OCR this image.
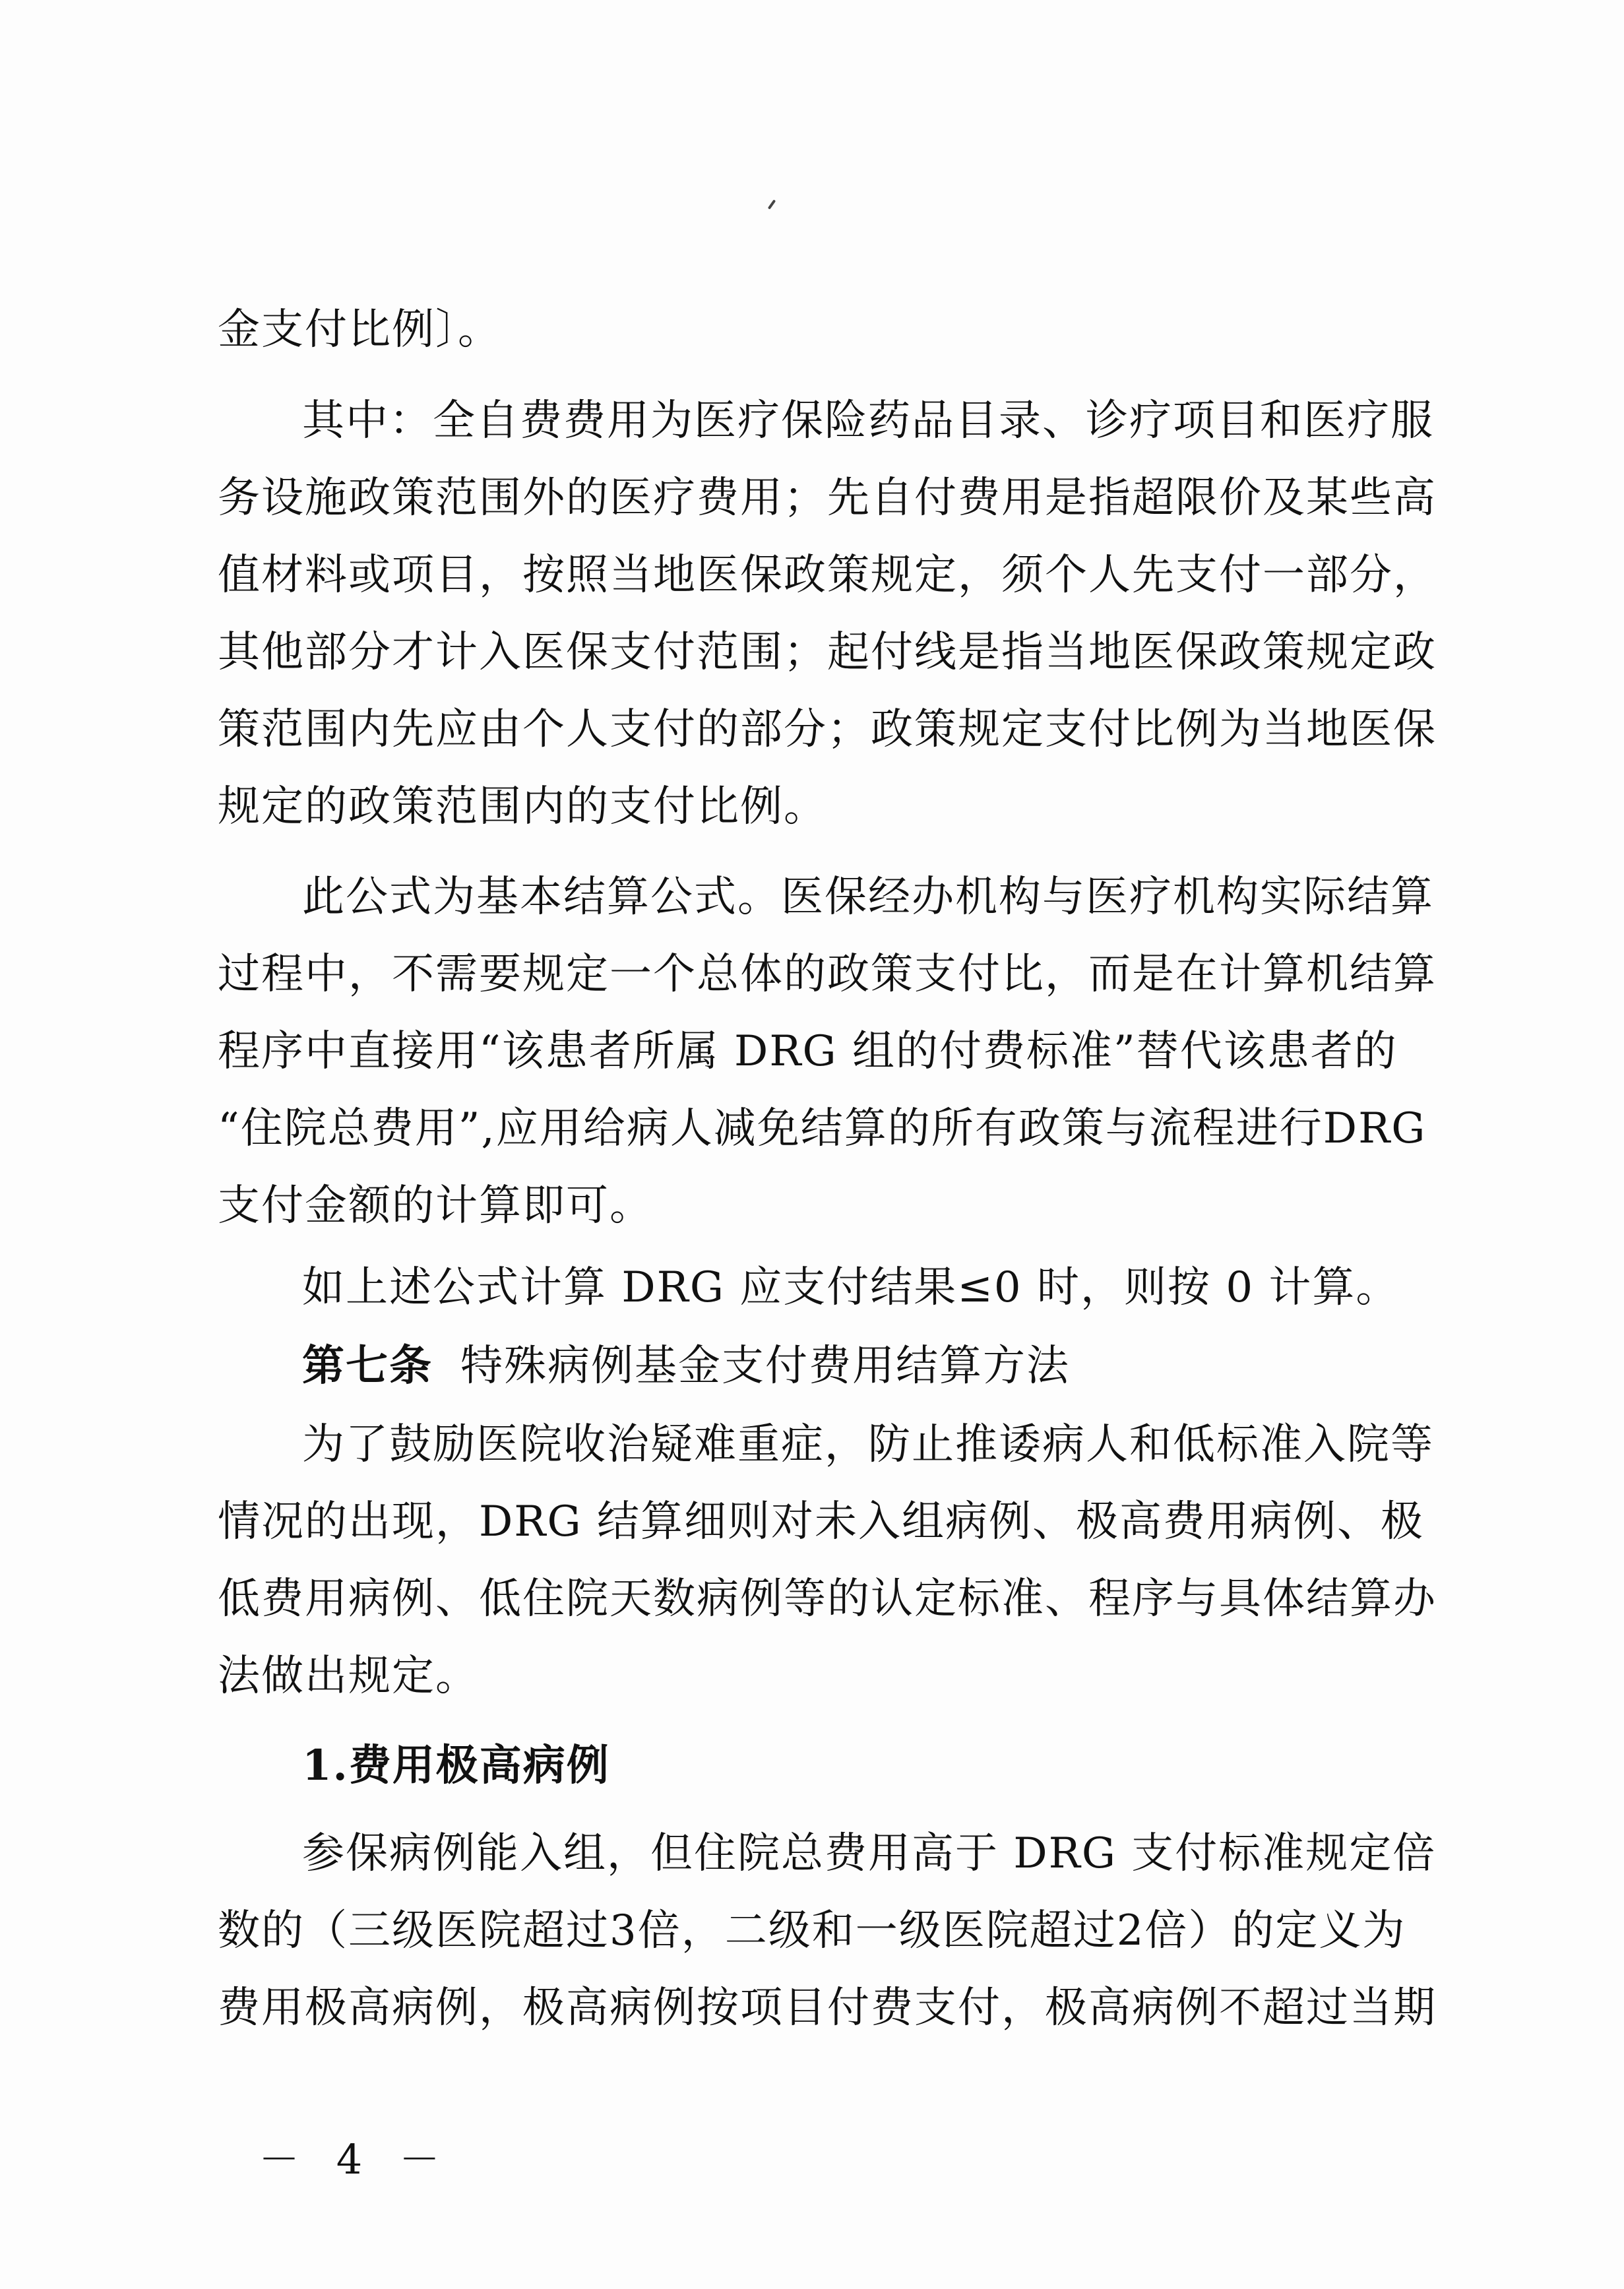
金支付比例〕。
其中：全自费费用为医疗保险药品目录、诊疗项目和医疗服
务设施政策范围外的医疗费用；先自付费用是指超限价及某些高
值材料或项目，按照当地医保政策规定，须个人先支付一部分，
其他部分才计入医保支付范围；起付线是指当地医保政策规定政
策范围内先应由个人支付的部分；政策规定支付比例为当地医保
规定的政策范围内的支付比例。
此公式为基本结算公式。医保经办机构与医疗机构实际结算
过程中，不需要规定一个总体的政策支付比，而是在计算机结算
程序中直接用“该患者所属 DRG 组的付费标准”替代该患者的
“住院总费用”,应用给病人减免结算的所有政策与流程进行DRG
支付金额的计算即可。
如上述公式计算 DRG 应支付结果≤0 时，则按 0 计算。
第七条 特殊病例基金支付费用结算方法
为了鼓励医院收治疑难重症，防止推诿病人和低标准入院等
情况的出现，DRG 结算细则对未入组病例、极高费用病例、极
低费用病例、低住院天数病例等的认定标准、程序与具体结算办
法做出规定。
1.费用极高病例
参保病例能入组，但住院总费用高于 DRG 支付标准规定倍
数的（三级医院超过3倍，二级和一级医院超过2倍）的定义为
费用极高病例，极高病例按项目付费支付，极高病例不超过当期
－ 4 －
